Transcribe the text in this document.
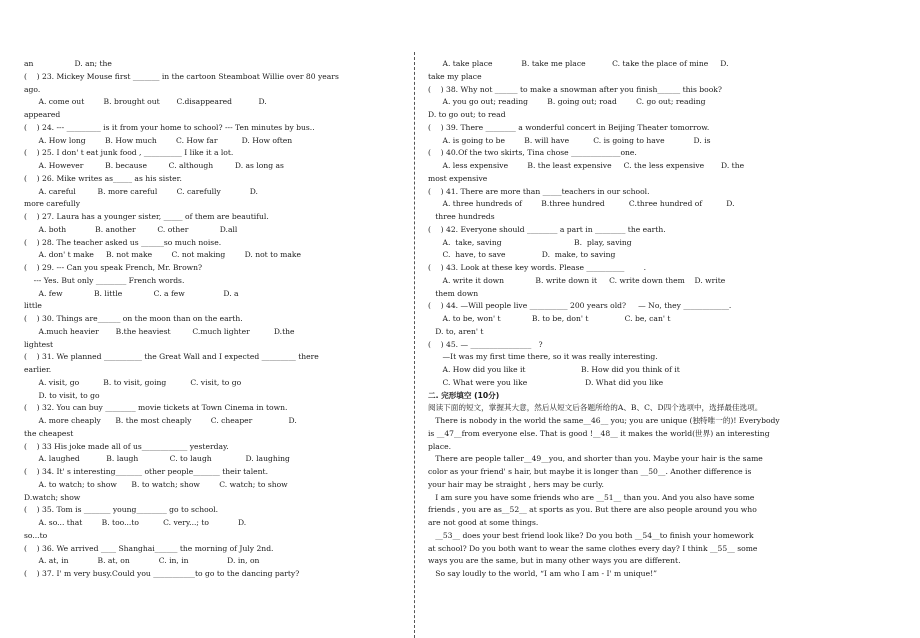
an                 D. an; the
(    ) 23. Mickey Mouse first _______ in the cartoon Steamboat Willie over 80 years
ago.
A. come out        B. brought out       C.disappeared           D.
appeared
(    ) 24. --- _________ is it from your home to school? --- Ten minutes by bus..
A. How long        B. How much        C. How far          D. How often
(    ) 25. I don' t eat junk food , __________ I like it a lot.
A. However         B. because         C. although         D. as long as
(    ) 26. Mike writes as_____ as his sister.
A. careful         B. more careful        C. carefully            D.
more carefully
(    ) 27. Laura has a younger sister, _____ of them are beautiful.
A. both            B. another         C. other             D.all
(    ) 28. The teacher asked us ______so much noise.
A. don' t make     B. not make        C. not making        D. not to make
(    ) 29. --- Can you speak French, Mr. Brown?
--- Yes. But only ________ French words.
A. few             B. little             C. a few                D. a
little
(    ) 30. Things are______ on the moon than on the earth.
A.much heavier       B.the heaviest         C.much lighter          D.the
lightest
(    ) 31. We planned __________ the Great Wall and I expected _________ there
earlier.
A. visit, go          B. to visit, going          C. visit, to go
D. to visit, to go
(    ) 32. You can buy ________ movie tickets at Town Cinema in town.
A. more cheaply      B. the most cheaply        C. cheaper               D.
the cheapest
(    ) 33 His joke made all of us____________ yesterday.
A. laughed           B. laugh             C. to laugh              D. laughing
(    ) 34. It' s interesting_______ other people_______ their talent.
A. to watch; to show      B. to watch; show        C. watch; to show
D.watch; show
(    ) 35. Tom is _______ young________ go to school.
A. so... that        B. too...to          C. very...; to            D.
so...to
(    ) 36. We arrived ____ Shanghai______ the morning of July 2nd.
A. at, in            B. at, on            C. in, in                D. in, on
(    ) 37. I' m very busy.Could you ___________to go to the dancing party?
A. take place            B. take me place           C. take the place of mine     D.
take my place
(    ) 38. Why not ______ to make a snowman after you finish______ this book?
A. you go out; reading        B. going out; road        C. go out; reading
D. to go out; to read
(    ) 39. There ________ a wonderful concert in Beijing Theater tomorrow.
A. is going to be        B. will have          C. is going to have            D. is
(    ) 40.Of the two skirts, Tina chose _____________one.
A. less expensive        B. the least expensive     C. the less expensive       D. the
most expensive
(    ) 41. There are more than _____teachers in our school.
A. three hundreds of        B.three hundred          C.three hundred of          D.
three hundreds
(    ) 42. Everyone should ________ a part in ________ the earth.
A.  take, saving                              B.  play, saving
C.  have, to save               D.  make, to saving
(    ) 43. Look at these key words. Please __________        .
A. write it down             B. write down it     C. write down them    D. write
them down
(    ) 44. —Will people live __________ 200 years old?     — No, they ____________.
A. to be, won' t             B. to be, don' t               C. be, can' t
D. to, aren' t
(    ) 45. — ________________   ?
—It was my first time there, so it was really interesting.
A. How did you like it                       B. How did you think of it
C. What were you like                        D. What did you like
二. 完形填空 (10分)
阅读下面的短文，掌握其大意，然后从短文后各题所给的A、B、C、D四个选项中，选择最佳选项。
There is nobody in the world the same__46__ you; you are unique (独特唯一的)! Everybody
is __47__from everyone else. That is good !__48__ it makes the world(世界) an interesting
place.
There are people taller__49__you, and shorter than you. Maybe your hair is the same
color as your friend' s hair, but maybe it is longer than __50__. Another difference is
your hair may be straight , hers may be curly.
I am sure you have some friends who are __51__ than you. And you also have some
friends , you are as__52__ at sports as you. But there are also people around you who
are not good at some things.
__53__ does your best friend look like? Do you both __54__to finish your homework
at school? Do you both want to wear the same clothes every day? I think __55__ some
ways you are the same, but in many other ways you are different.
So say loudly to the world, “I am who I am - I' m unique!”
